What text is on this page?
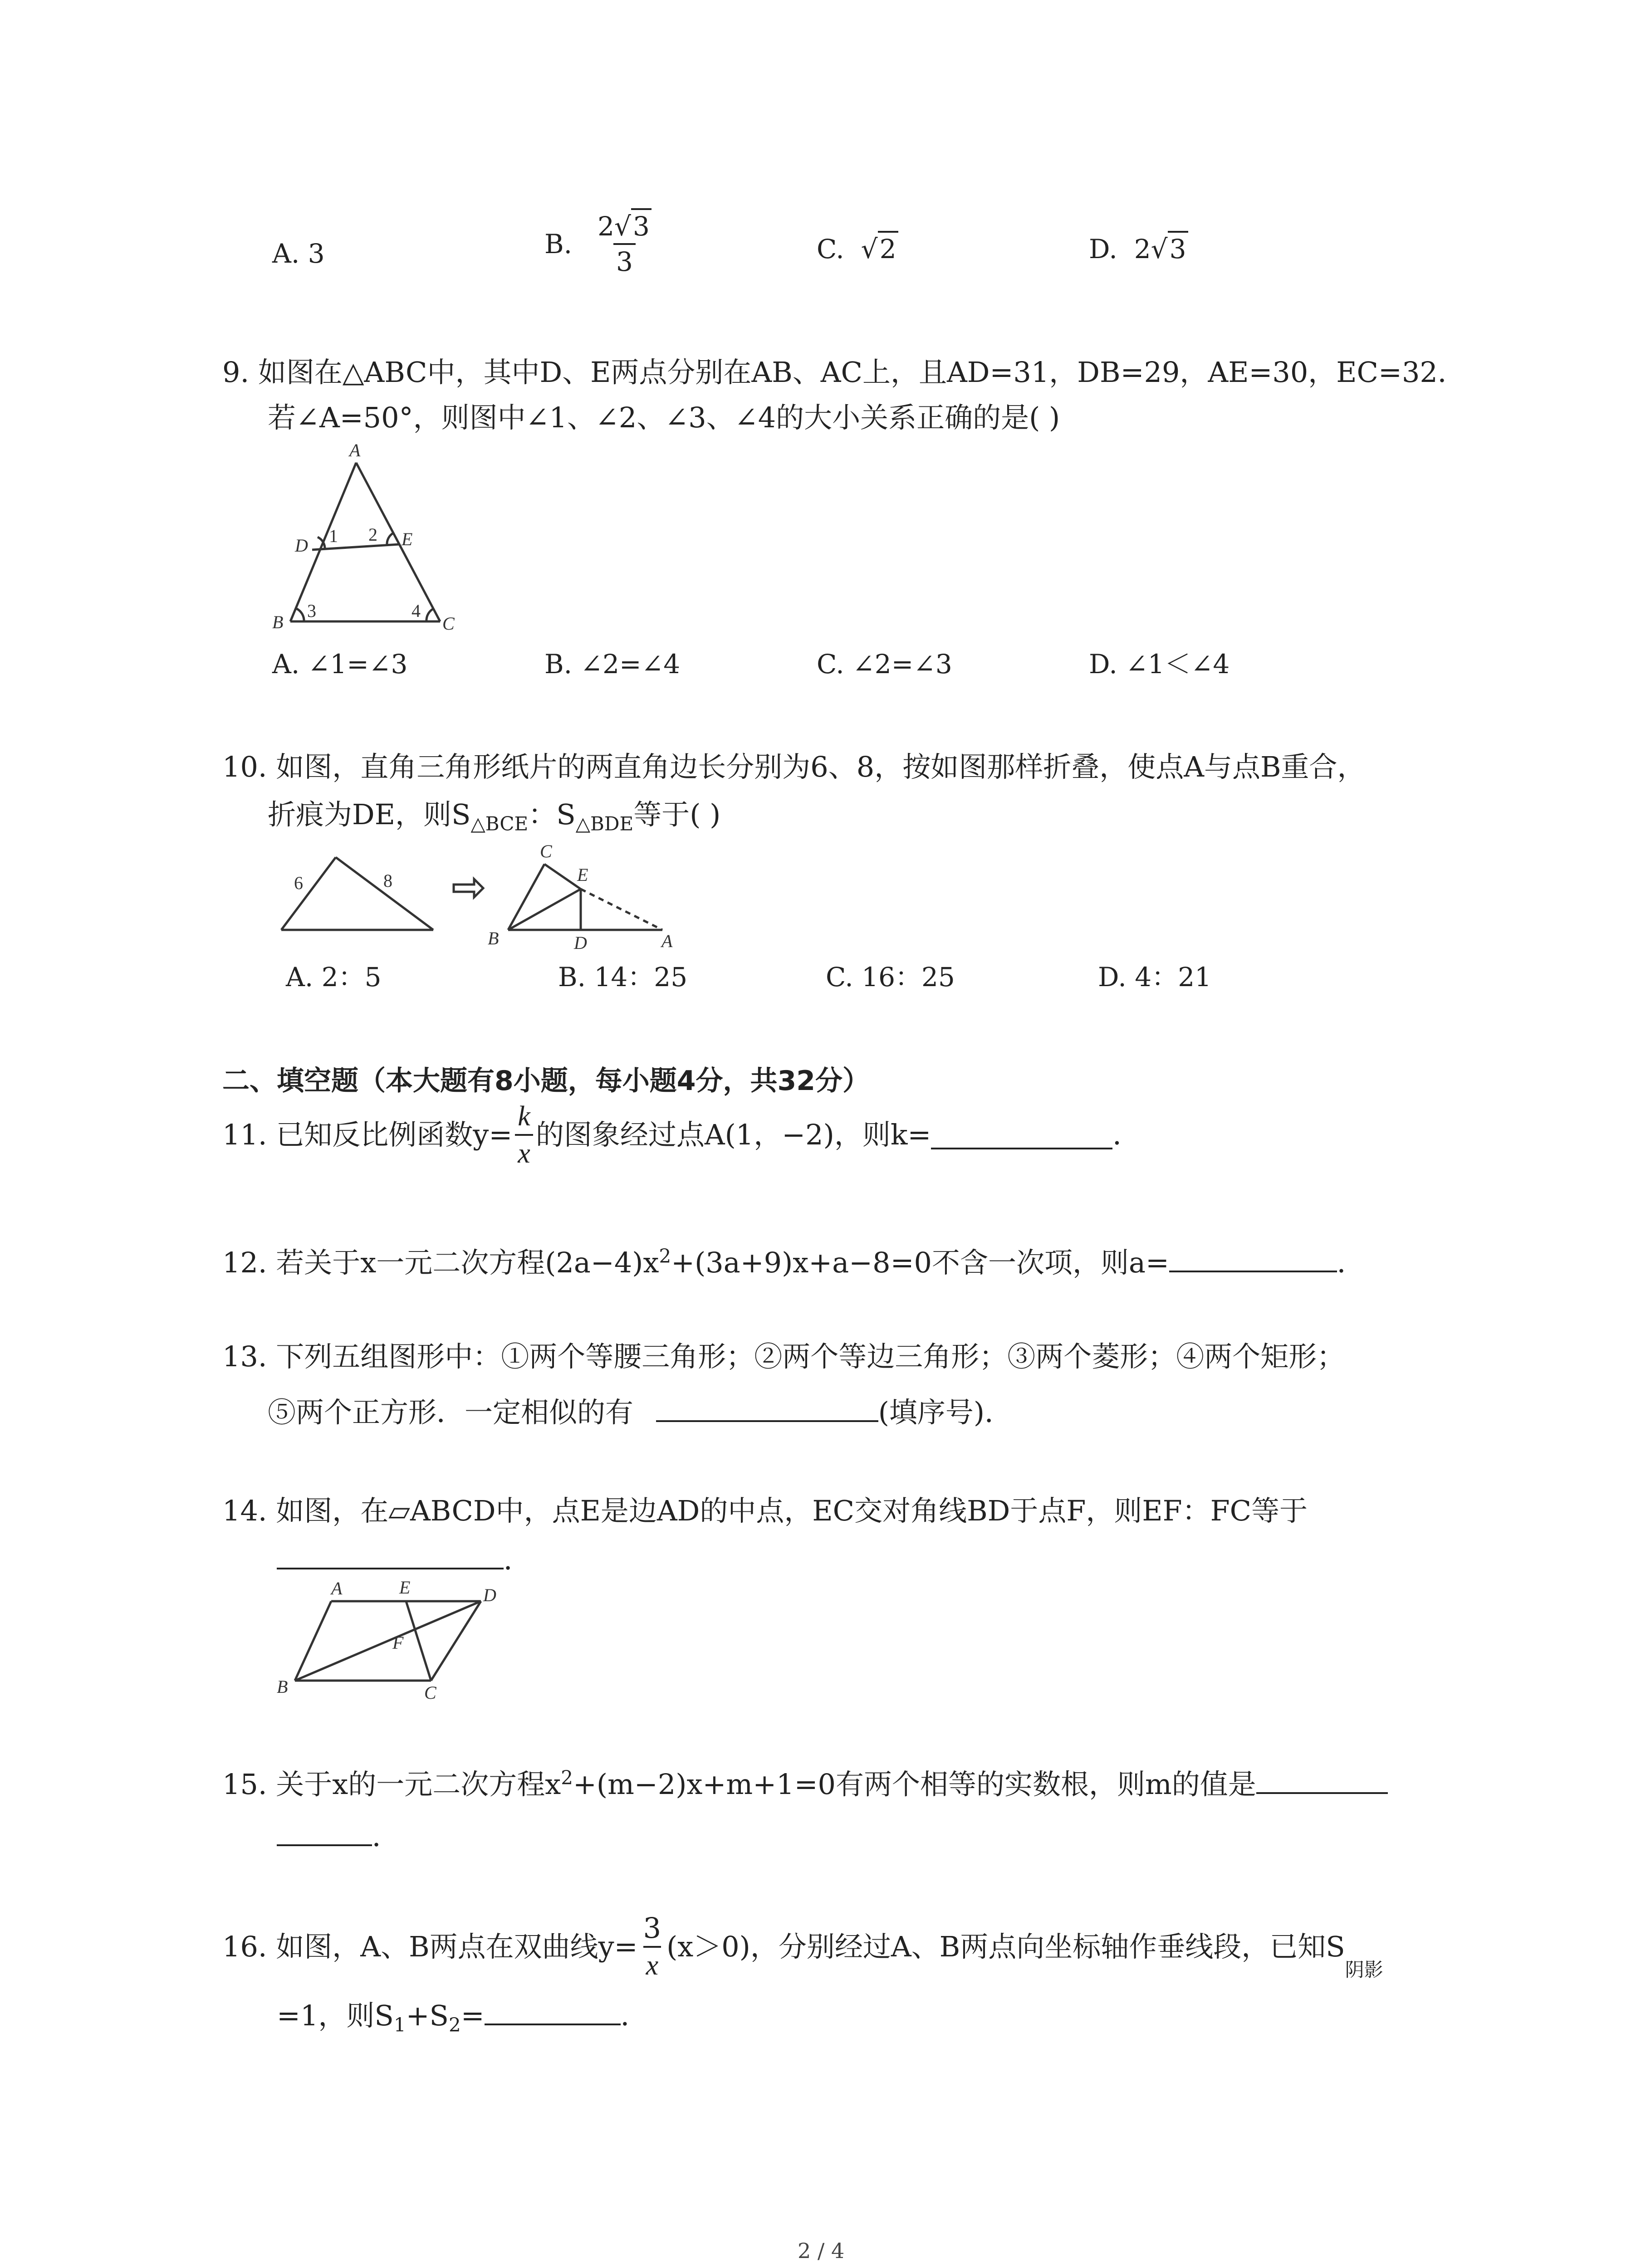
A. 3	B. $\frac{2√3}{3}$	C.  √2	D. 2√3
9. 如图在△ABC中，其中D、E两点分别在AB、AC上，且AD=31，DB=29，AE=30，EC=32．
若∠A=50°，则图中∠1、∠2、∠3、∠4的大小关系正确的是( )
A
B	C
D	E
1 2
3	4
A. ∠1=∠3	B. ∠2=∠4	C. ∠2=∠3	D. ∠1＜∠4
10. 如图，直角三角形纸片的两直角边长分别为6、8，按如图那样折叠，使点A与点B重合，
折痕为DE，则$S_{\triangle BCE}$：$S_{\triangle BDE}$等于( )
6	8
C
E
B	D	A
A. 2：5	B. 14：25	C. 16：25	D. 4：21
二、填空题（本大题有8小题，每小题4分，共32分）
11. 已知反比例函数$y= \frac{k}{x}$ 的图象经过点A(1，−2)，则k=	．
12. 若关于x一元二次方程$(2a-4)x^2+(3a+9)x+a-8=0$不含一次项，则a=	．
13. 下列五组图形中：①两个等腰三角形；②两个等边三角形；③两个菱形；④两个矩形；
⑤两个正方形．一定相似的有	(填序号)．
14. 如图，在▱ABCD中，点E是边AD的中点，EC交对角线BD于点F，则EF：FC等于
．
A	E	D
F
B	C
15. 关于x的一元二次方程$x^2+(m-2)x+m+1=0$有两个相等的实数根，则m的值是
．
16. 如图，A、B两点在双曲线$y= \frac{3}{x} (x>0)$，分别经过A、B两点向坐标轴作垂线段，已知S
$_{阴影}$
=1，则$S_1+S_2=$	．
2 / 4
